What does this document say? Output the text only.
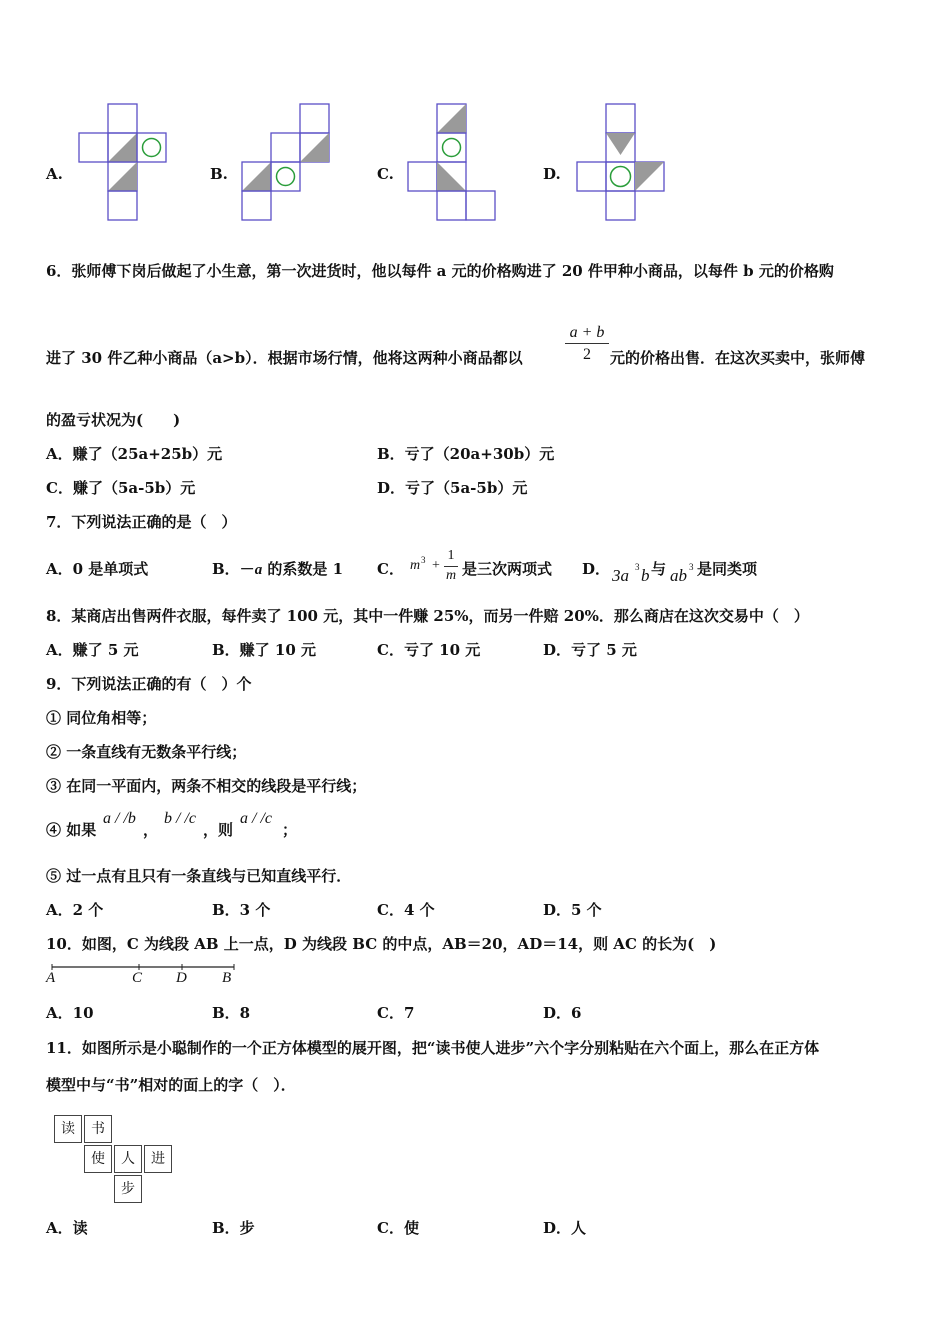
A.	B.	C.	D.
6．张师傅下岗后做起了小生意，第一次进货时，他以每件 a 元的价格购进了 20 件甲种小商品，以每件 b 元的价格购
进了 30 件乙种小商品（a>b）．根据市场行情，他将这两种小商品都以	$\frac{a + b}{2}$ 元的价格出售．在这次买卖中，张师傅
的盈亏状况为(　　)
A．赚了（25a+25b）元	B．亏了（20a+30b）元
C．赚了（5a-5b）元	D．亏了（5a-5b）元
7．下列说法正确的是（　）
A．0 是单项式	B．－a 的系数是 1 C． m 3 +
1
m 是三次两项式 D． 3a 3 b 与 ab 3 是同类项
8．某商店出售两件衣服，每件卖了 100 元，其中一件赚 25%，而另一件赔 20%．那么商店在这次交易中（　）
A．赚了 5 元	B．赚了 10 元	C．亏了 10 元	D．亏了 5 元
9．下列说法正确的有（　）个
① 同位角相等；
② 一条直线有无数条平行线；
③ 在同一平面内，两条不相交的线段是平行线；
④ 如果
a / /b
，
b / /c
，则
a / /c
；
⑤ 过一点有且只有一条直线与已知直线平行．
A．2 个	B．3 个	C．4 个	D．5 个
10．如图，C 为线段 AB 上一点，D 为线段 BC 的中点，AB＝20，AD＝14，则 AC 的长为(　)
A	C D B
A．10	B．8	C．7	D．6
11．如图所示是小聪制作的一个正方体模型的展开图，把“读书使人进步”六个字分别粘贴在六个面上，那么在正方体
模型中与“书”相对的面上的字（　）．
读	书
使	人	进
步
A．读	B．步	C．使	D．人
